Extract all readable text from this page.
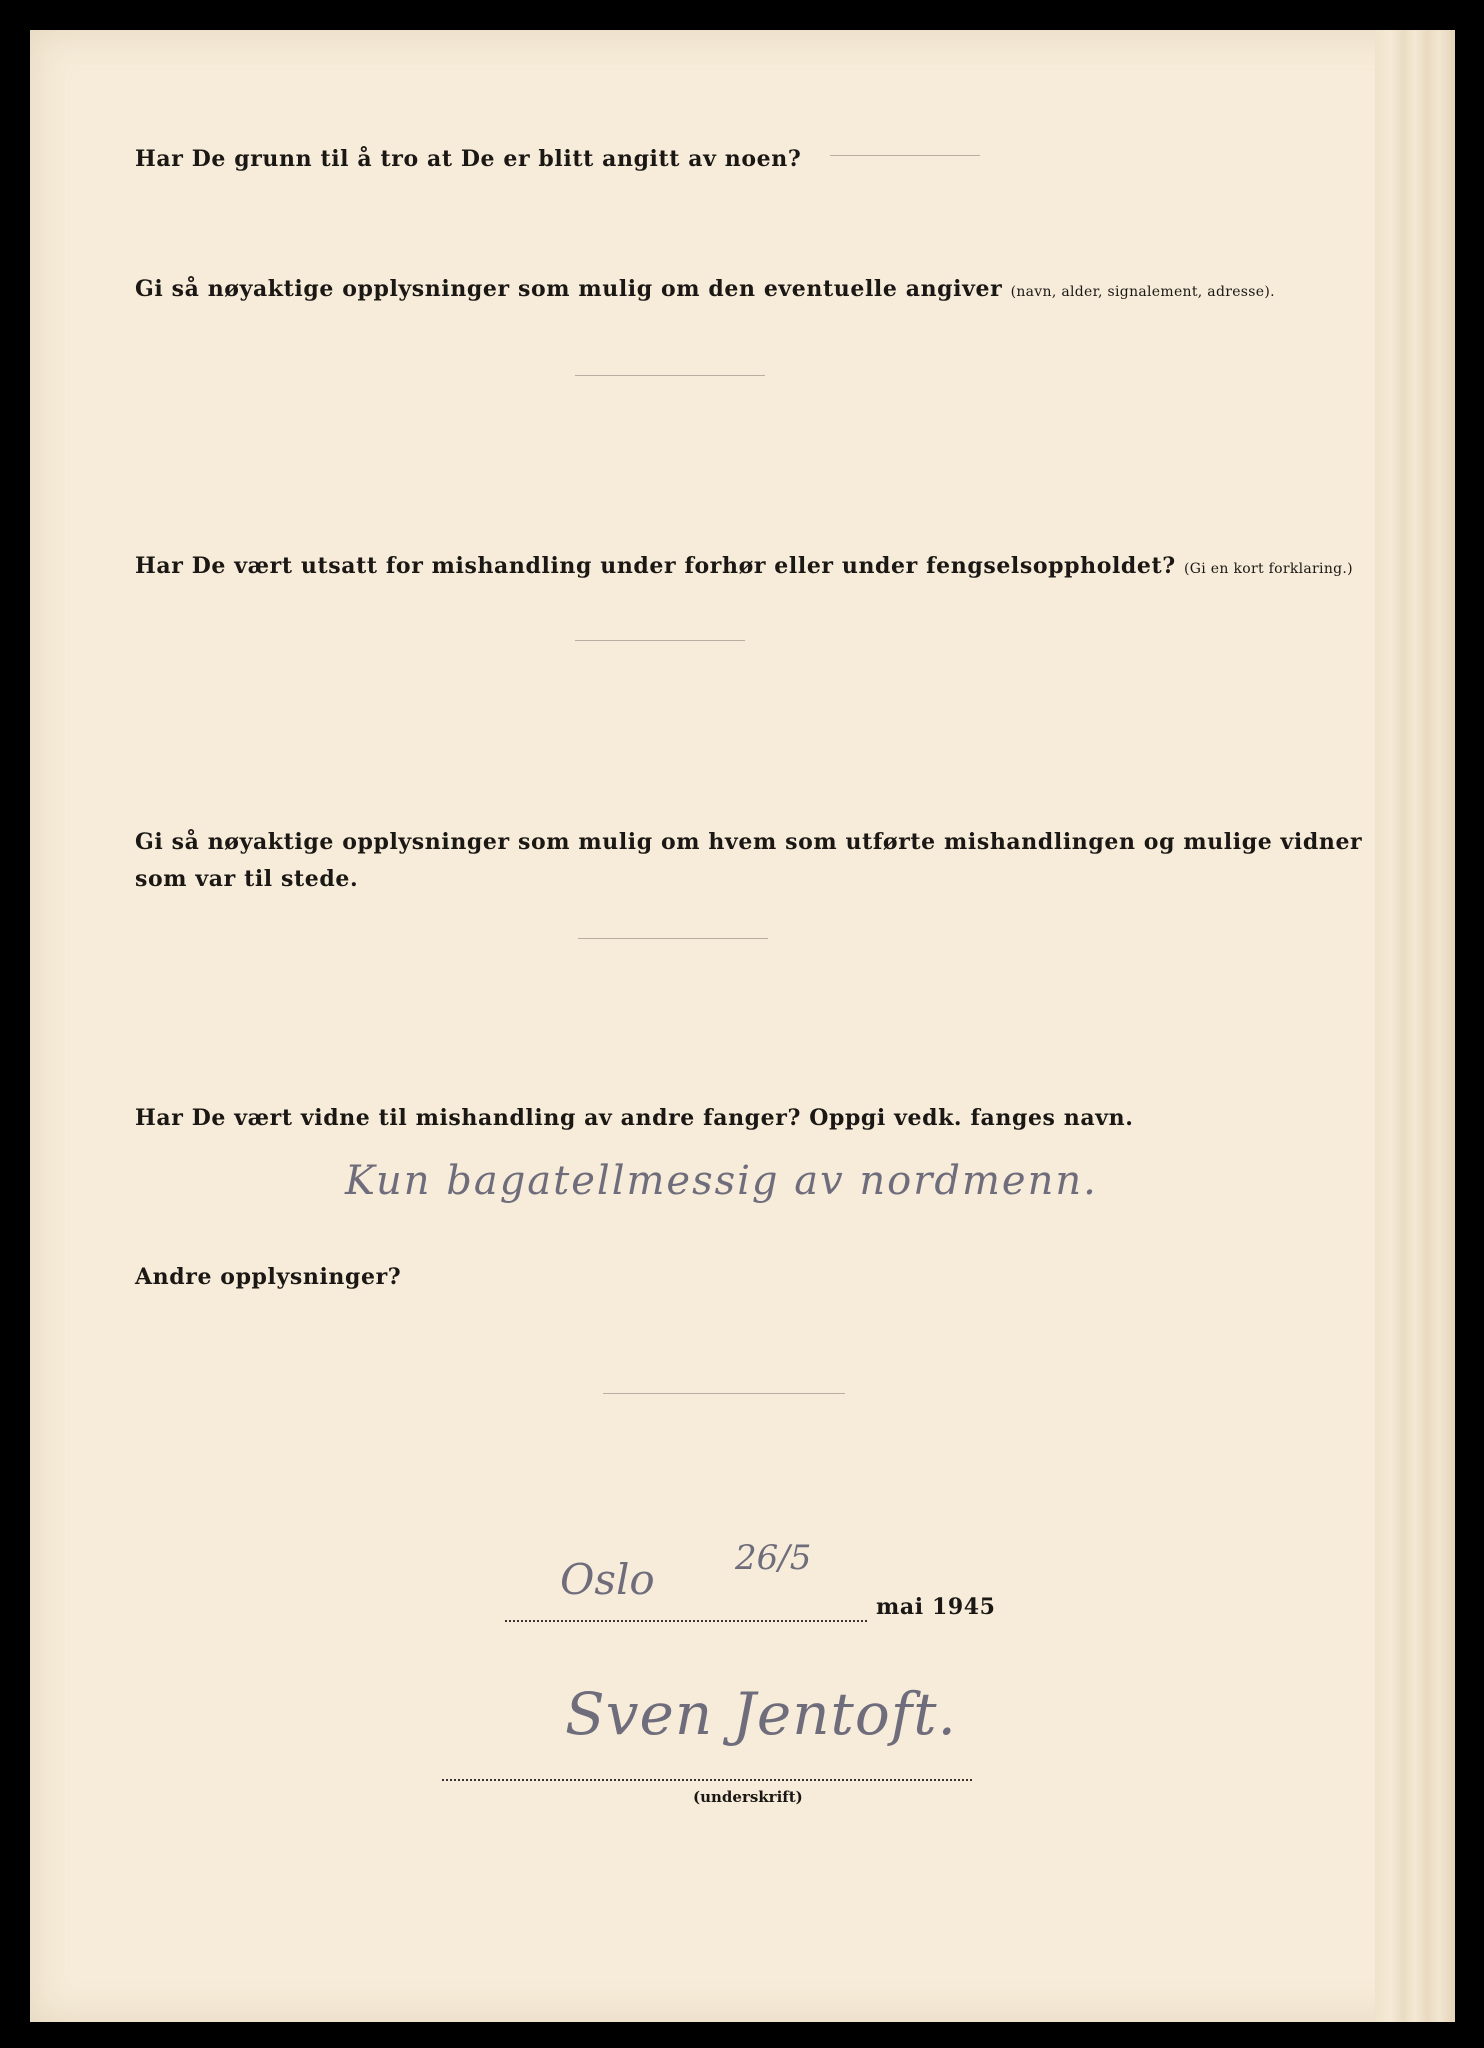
Har De grunn til å tro at De er blitt angitt av noen?

Gi så nøyaktige opplysninger som mulig om den eventuelle angiver (navn, alder, signalement, adresse).

Har De vært utsatt for mishandling under forhør eller under fengselsoppholdet? (Gi en kort forklaring.)

Gi så nøyaktige opplysninger som mulig om hvem som utførte mishandlingen og mulige vidner

som var til stede.

Har De vært vidne til mishandling av andre fanger? Oppgi vedk. fanges navn.

Kun bagatellmessig av nordmenn.

Andre opplysninger?

Oslo 26/5
mai 1945
Sven Jentoft.
(underskrift)
